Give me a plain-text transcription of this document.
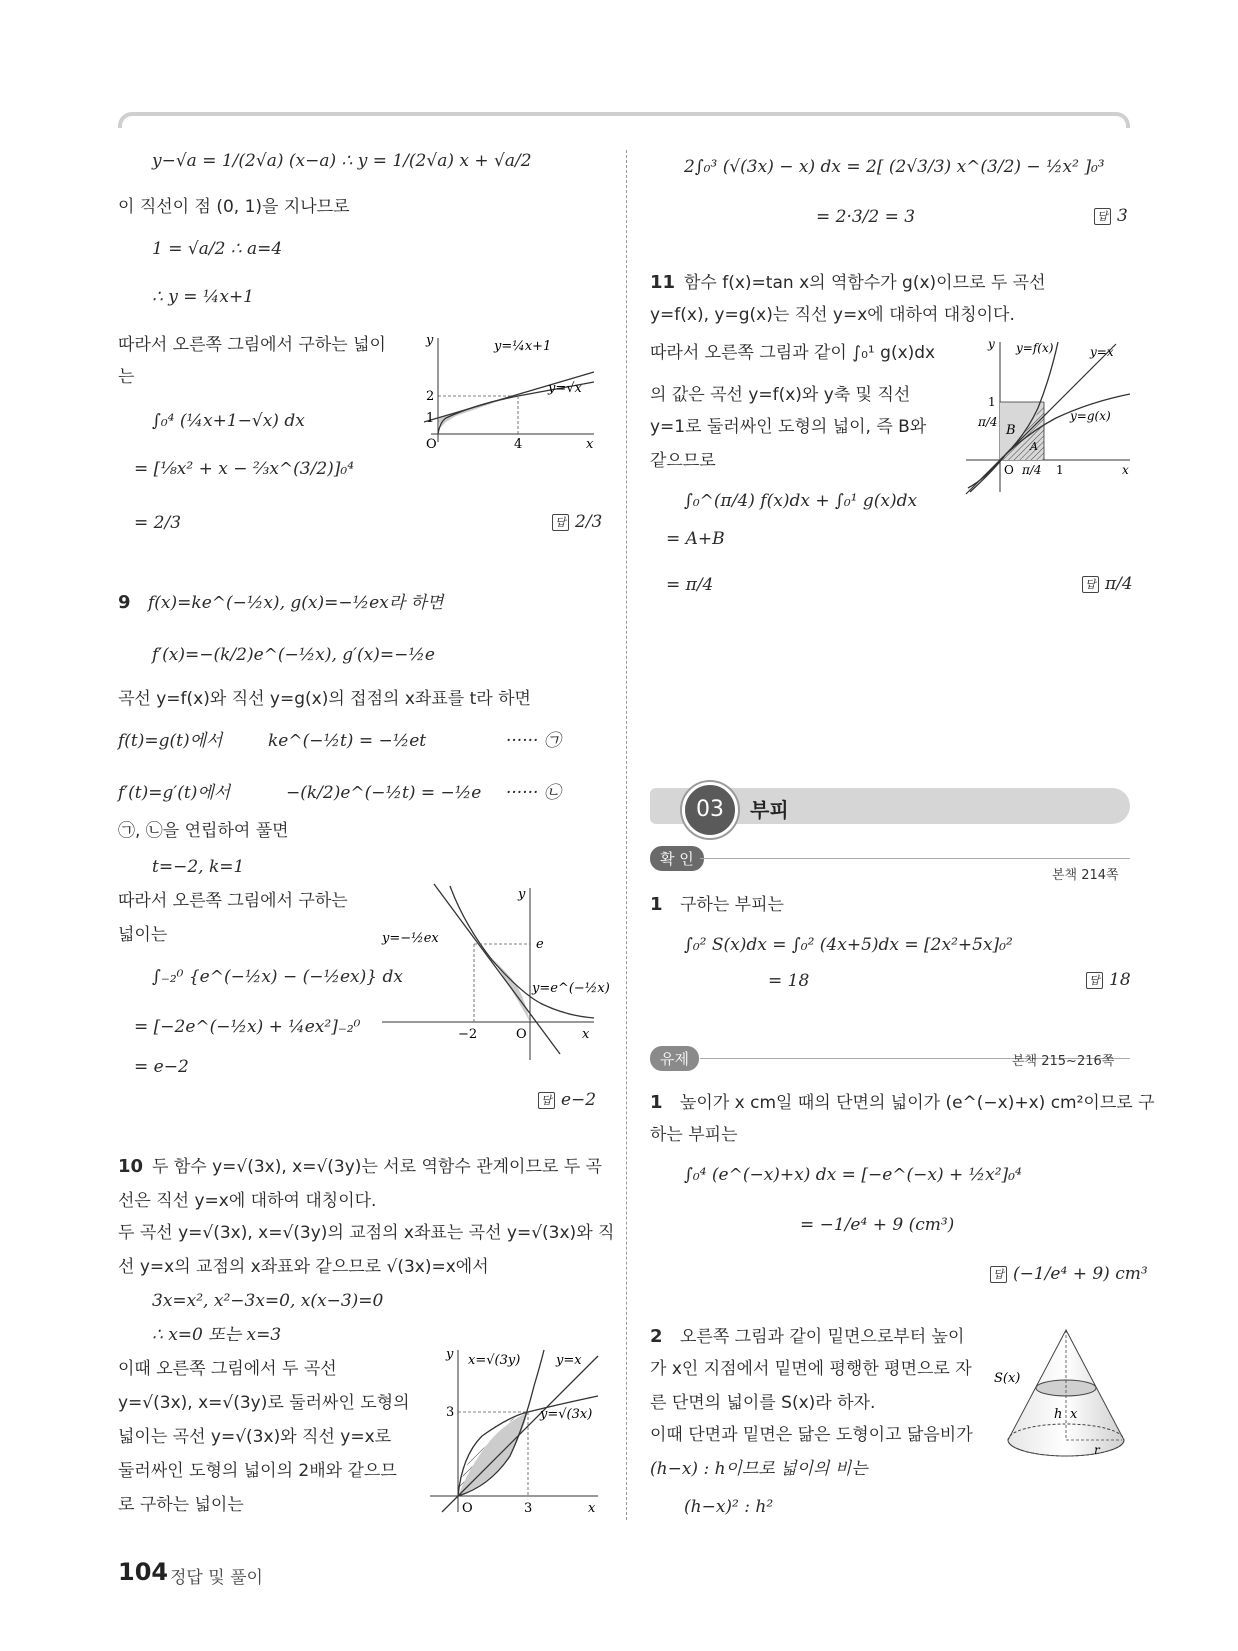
y−√a = 1/(2√a) (x−a) ∴ y = 1/(2√a) x + √a/2
이 직선이 점 (0, 1)을 지나므로
1 = √a/2 ∴ a=4
∴ y = ¼x+1
따라서 오른쪽 그림에서 구하는 넓이
는
∫₀⁴ (¼x+1−√x) dx
= [⅛x² + x − ⅔x^(3/2)]₀⁴
= 2/3	답 2/3
2
1
4
O	x
y	y=¼x+1
y=√x
9 f(x)=ke^(−½x), g(x)=−½ex라 하면
f′(x)=−(k/2)e^(−½x), g′(x)=−½e
곡선 y=f(x)와 직선 y=g(x)의 접점의 x좌표를 t라 하면
f(t)=g(t)에서	ke^(−½t) = −½et	······ ㉠
f′(t)=g′(t)에서	−(k/2)e^(−½t) = −½e ······ ㉡
㉠, ㉡을 연립하여 풀면
t=−2, k=1
따라서 오른쪽 그림에서 구하는
넓이는
∫₋₂⁰ {e^(−½x) − (−½ex)} dx
= [−2e^(−½x) + ¼ex²]₋₂⁰
= e−2
답 e−2
e
−2	O	x
y
y=−½ex
y=e^(−½x)
10 두 함수 y=√(3x), x=√(3y)는 서로 역함수 관계이므로 두 곡
선은 직선 y=x에 대하여 대칭이다.
두 곡선 y=√(3x), x=√(3y)의 교점의 x좌표는 곡선 y=√(3x)와 직
선 y=x의 교점의 x좌표와 같으므로 √(3x)=x에서
3x=x², x²−3x=0, x(x−3)=0
∴ x=0 또는 x=3
이때 오른쪽 그림에서 두 곡선
y=√(3x), x=√(3y)로 둘러싸인 도형의
넓이는 곡선 y=√(3x)와 직선 y=x로
둘러싸인 도형의 넓이의 2배와 같으므
로 구하는 넓이는
3
3
O	x
y x=√(3y)	y=x
y=√(3x)
2∫₀³ (√(3x) − x) dx = 2[ (2√3/3) x^(3/2) − ½x² ]₀³
= 2·3/2 = 3	답 3
11 함수 f(x)=tan x의 역함수가 g(x)이므로 두 곡선
y=f(x), y=g(x)는 직선 y=x에 대하여 대칭이다.
따라서 오른쪽 그림과 같이 ∫₀¹ g(x)dx
의 값은 곡선 y=f(x)와 y축 및 직선
y=1로 둘러싸인 도형의 넓이, 즉 B와
같으므로
∫₀^(π/4) f(x)dx + ∫₀¹ g(x)dx
= A+B
= π/4	답 π/4
1
π/4
O π/4 1	x
y y=f(x)	y=x
y=g(x)
B
A
03	부피
확 인
본책 214쪽
1 구하는 부피는
∫₀² S(x)dx = ∫₀² (4x+5)dx = [2x²+5x]₀²
= 18	답 18
유제	본책 215~216쪽
1 높이가 x cm일 때의 단면의 넓이가 (e^(−x)+x) cm²이므로 구
하는 부피는
∫₀⁴ (e^(−x)+x) dx = [−e^(−x) + ½x²]₀⁴
= −1/e⁴ + 9 (cm³)
답 (−1/e⁴ + 9) cm³
2 오른쪽 그림과 같이 밑면으로부터 높이
가 x인 지점에서 밑면에 평행한 평면으로 자
른 단면의 넓이를 S(x)라 하자.
이때 단면과 밑면은 닮은 도형이고 닮음비가
(h−x) : h이므로 넓이의 비는
(h−x)² : h²
S(x)
h x
r
104 정답 및 풀이
